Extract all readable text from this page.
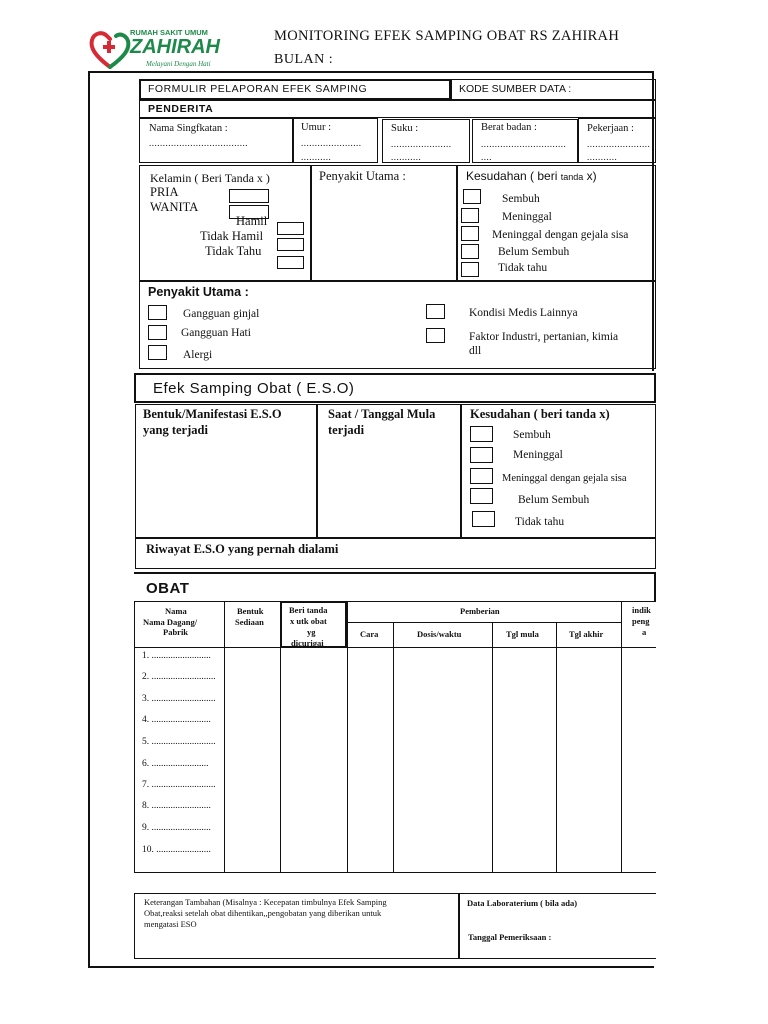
RUMAH SAKIT UMUM
ZAHIRAH
Melayani Dengan Hati
MONITORING EFEK SAMPING OBAT RS ZAHIRAH
BULAN :
FORMULIR PELAPORAN EFEK SAMPING	KODE SUMBER DATA :
PENDERITA
Nama Singfkatan :
....................................
Umur :
......................
...........
Suku :
......................
...........
Berat badan :
...............................
....
Pekerjaan :
.......................
...........
Kelamin ( Beri Tanda x )
PRIA
WANITA
Hamil
Tidak Hamil
Tidak Tahu
Penyakit Utama :	Kesudahan ( beri tanda x)
Sembuh
Meninggal
Meninggal dengan gejala sisa
Belum Sembuh
Tidak tahu
Penyakit Utama :
Gangguan ginjal
Gangguan Hati
Alergi
Kondisi Medis Lainnya
Faktor Industri, pertanian, kimia
dll
Efek Samping Obat ( E.S.O)
Bentuk/Manifestasi E.S.O
yang terjadi
Saat / Tanggal Mula
terjadi
Kesudahan ( beri tanda x)
Sembuh
Meninggal
Meninggal dengan gejala sisa
Belum Sembuh
Tidak tahu
Riwayat E.S.O yang pernah dialami
OBAT
Nama
Nama Dagang/
Pabrik
Bentuk
Sediaan
Beri tanda
x utk obat
yg
dicurigai
Pemberian
Cara	Dosis/waktu	Tgl mula	Tgl akhir
indik
peng
a
1. .........................
2. ...........................
3. ...........................
4. .........................
5. ...........................
6. ........................
7. ...........................
8. .........................
9. .........................
10. .......................
Keterangan Tambahan (Misalnya : Kecepatan timbulnya Efek Samping
Obat,reaksi setelah obat dihentikan,,pengobatan yang diberikan untuk
mengatasi ESO
Data Laboraterium ( bila ada)
Tanggal Pemeriksaan :
